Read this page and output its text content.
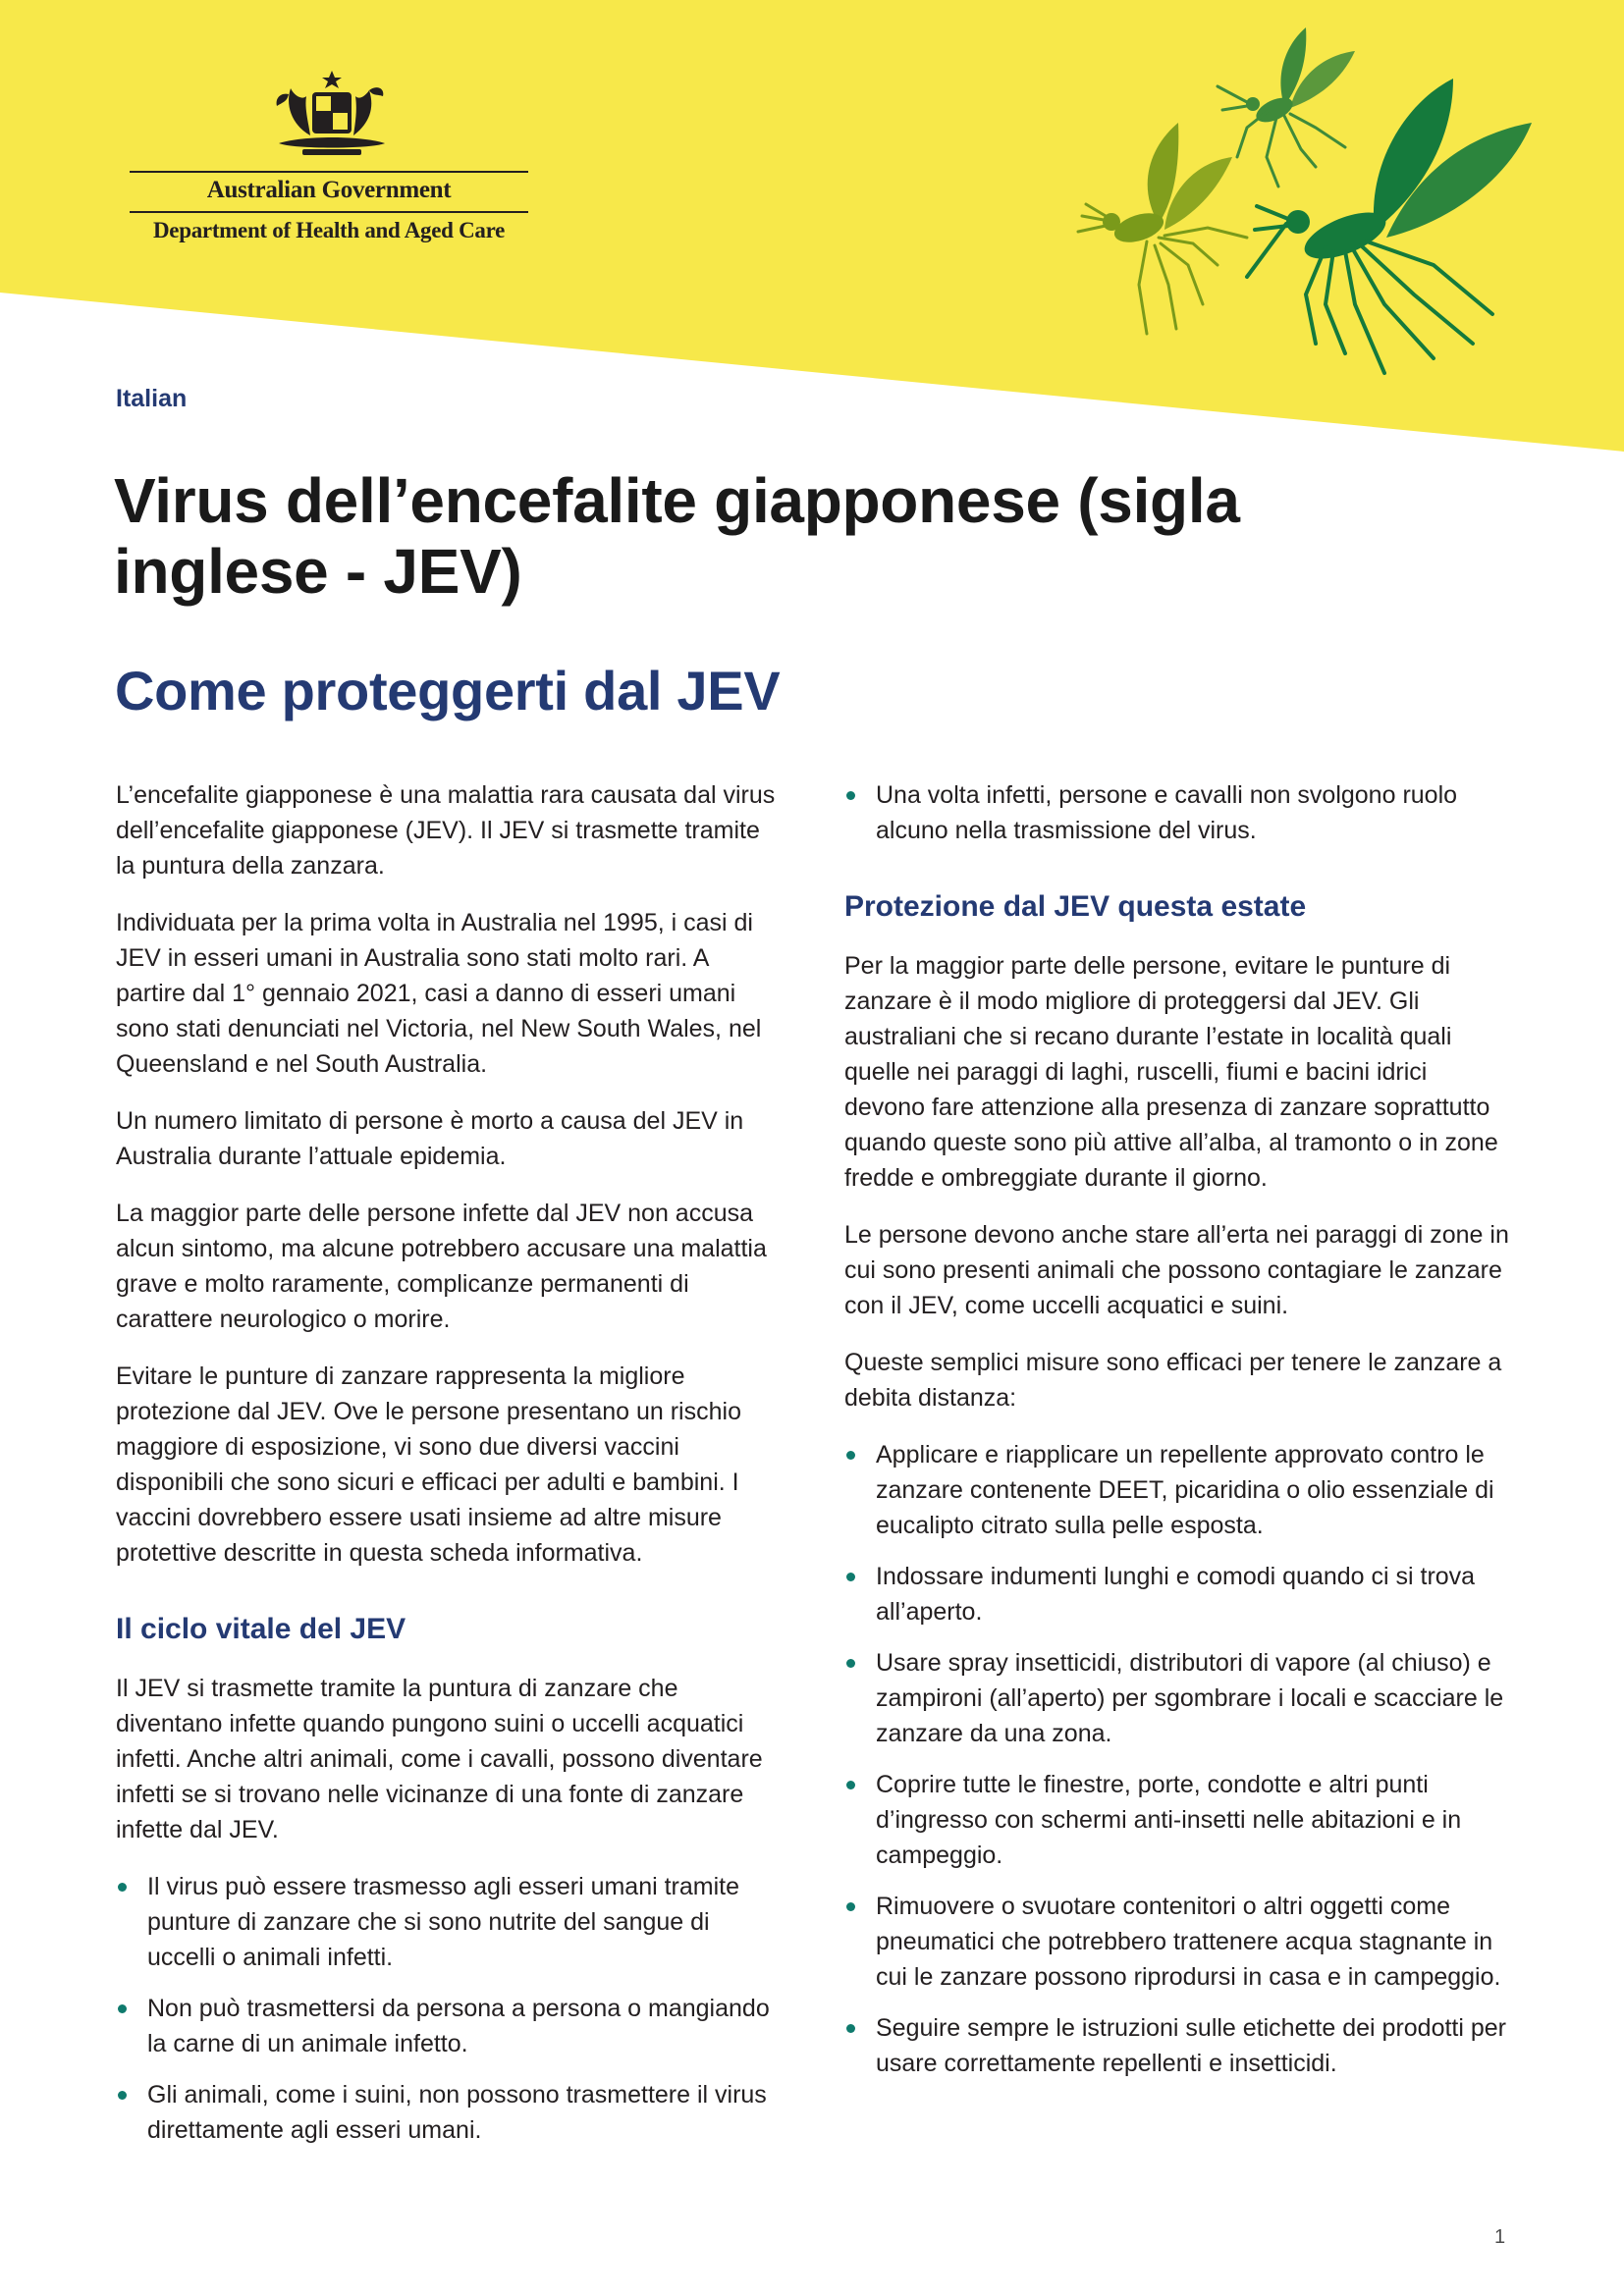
Australian Government
Department of Health and Aged Care
Italian
Virus dell’encefalite giapponese (sigla inglese - JEV)
Come proteggerti dal JEV

L’encefalite giapponese è una malattia rara causata dal virus dell’encefalite giapponese (JEV). Il JEV si trasmette tramite la puntura della zanzara.

Individuata per la prima volta in Australia nel 1995, i casi di JEV in esseri umani in Australia sono stati molto rari. A partire dal 1° gennaio 2021, casi a danno di esseri umani sono stati denunciati nel Victoria, nel New South Wales, nel Queensland e nel South Australia.

Un numero limitato di persone è morto a causa del JEV in Australia durante l’attuale epidemia.

La maggior parte delle persone infette dal JEV non accusa alcun sintomo, ma alcune potrebbero accusare una malattia grave e molto raramente, complicanze permanenti di carattere neurologico o morire.

Evitare le punture di zanzare rappresenta la migliore protezione dal JEV. Ove le persone presentano un rischio maggiore di esposizione, vi sono due diversi vaccini disponibili che sono sicuri e efficaci per adulti e bambini. I vaccini dovrebbero essere usati insieme ad altre misure protettive descritte in questa scheda informativa.

Il ciclo vitale del JEV

Il JEV si trasmette tramite la puntura di zanzare che diventano infette quando pungono suini o uccelli acquatici infetti. Anche altri animali, come i cavalli, possono diventare infetti se si trovano nelle vicinanze di una fonte di zanzare infette dal JEV.

Il virus può essere trasmesso agli esseri umani tramite punture di zanzare che si sono nutrite del sangue di uccelli o animali infetti.
Non può trasmettersi da persona a persona o mangiando la carne di un animale infetto.
Gli animali, come i suini, non possono trasmettere il virus direttamente agli esseri umani.
Una volta infetti, persone e cavalli non svolgono ruolo alcuno nella trasmissione del virus.
Protezione dal JEV questa estate

Per la maggior parte delle persone, evitare le punture di zanzare è il modo migliore di proteggersi dal JEV. Gli australiani che si recano durante l’estate in località quali quelle nei paraggi di laghi, ruscelli, fiumi e bacini idrici devono fare attenzione alla presenza di zanzare soprattutto quando queste sono più attive all’alba, al tramonto o in zone fredde e ombreggiate durante il giorno.

Le persone devono anche stare all’erta nei paraggi di zone in cui sono presenti animali che possono contagiare le zanzare con il JEV, come uccelli acquatici e suini.

Queste semplici misure sono efficaci per tenere le zanzare a debita distanza:

Applicare e riapplicare un repellente approvato contro le zanzare contenente DEET, picaridina o olio essenziale di eucalipto citrato sulla pelle esposta.
Indossare indumenti lunghi e comodi quando ci si trova all’aperto.
Usare spray insetticidi, distributori di vapore (al chiuso) e zampironi (all’aperto) per sgombrare i locali e scacciare le zanzare da una zona.
Coprire tutte le finestre, porte, condotte e altri punti d’ingresso con schermi anti-insetti nelle abitazioni e in campeggio.
Rimuovere o svuotare contenitori o altri oggetti come pneumatici che potrebbero trattenere acqua stagnante in cui le zanzare possono riprodursi in casa e in campeggio.
Seguire sempre le istruzioni sulle etichette dei prodotti per usare correttamente repellenti e insetticidi.
1
